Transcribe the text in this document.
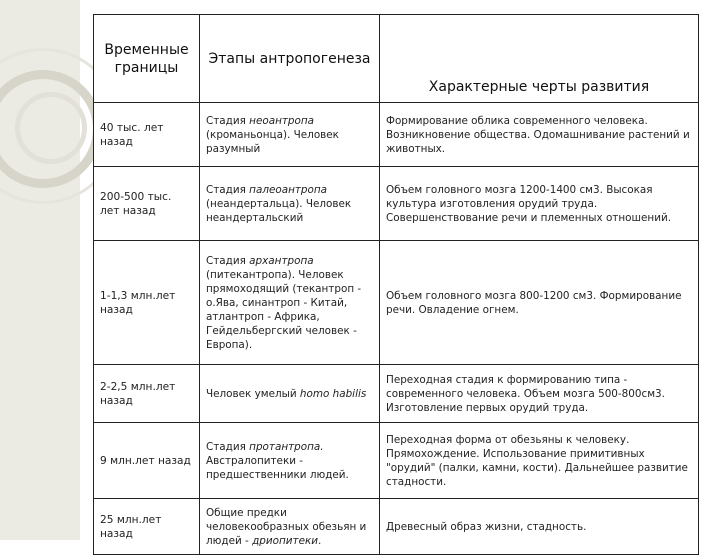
Временные границы	Этапы антропогенеза	Характерные черты развития
40 тыс. лет назад	Стадия неоантропа (кроманьонца). Человек разумный	Формирование облика современного человека. Возникновение общества. Одомашнивание растений и животных.
200-500 тыс. лет назад	Стадия палеоантропа (неандертальца). Человек неандертальский	Объем головного мозга 1200-1400 см3. Высокая культура изготовления орудий труда. Совершенствование речи и племенных отношений.
1-1,3 млн.лет назад	Стадия архантропа (питекантропа). Человек прямоходящий (текантроп - о.Ява, синантроп - Китай, атлантроп - Африка, Гейдельбергский человек - Европа).	Объем головного мозга 800-1200 см3. Формирование речи. Овладение огнем.
2-2,5 млн.лет назад	Человек умелый homo habilis	Переходная стадия к формированию типа - современного человека. Объем мозга 500-800см3. Изготовление первых орудий труда.
9 млн.лет назад	Стадия протантропа. Австралопитеки - предшественники людей.	Переходная форма от обезьяны к человеку. Прямохождение. Использование примитивных "орудий" (палки, камни, кости). Дальнейшее развитие стадности.
25 млн.лет назад	Общие предки человекообразных обезьян и людей - дриопитеки.	Древесный образ жизни, стадность.
